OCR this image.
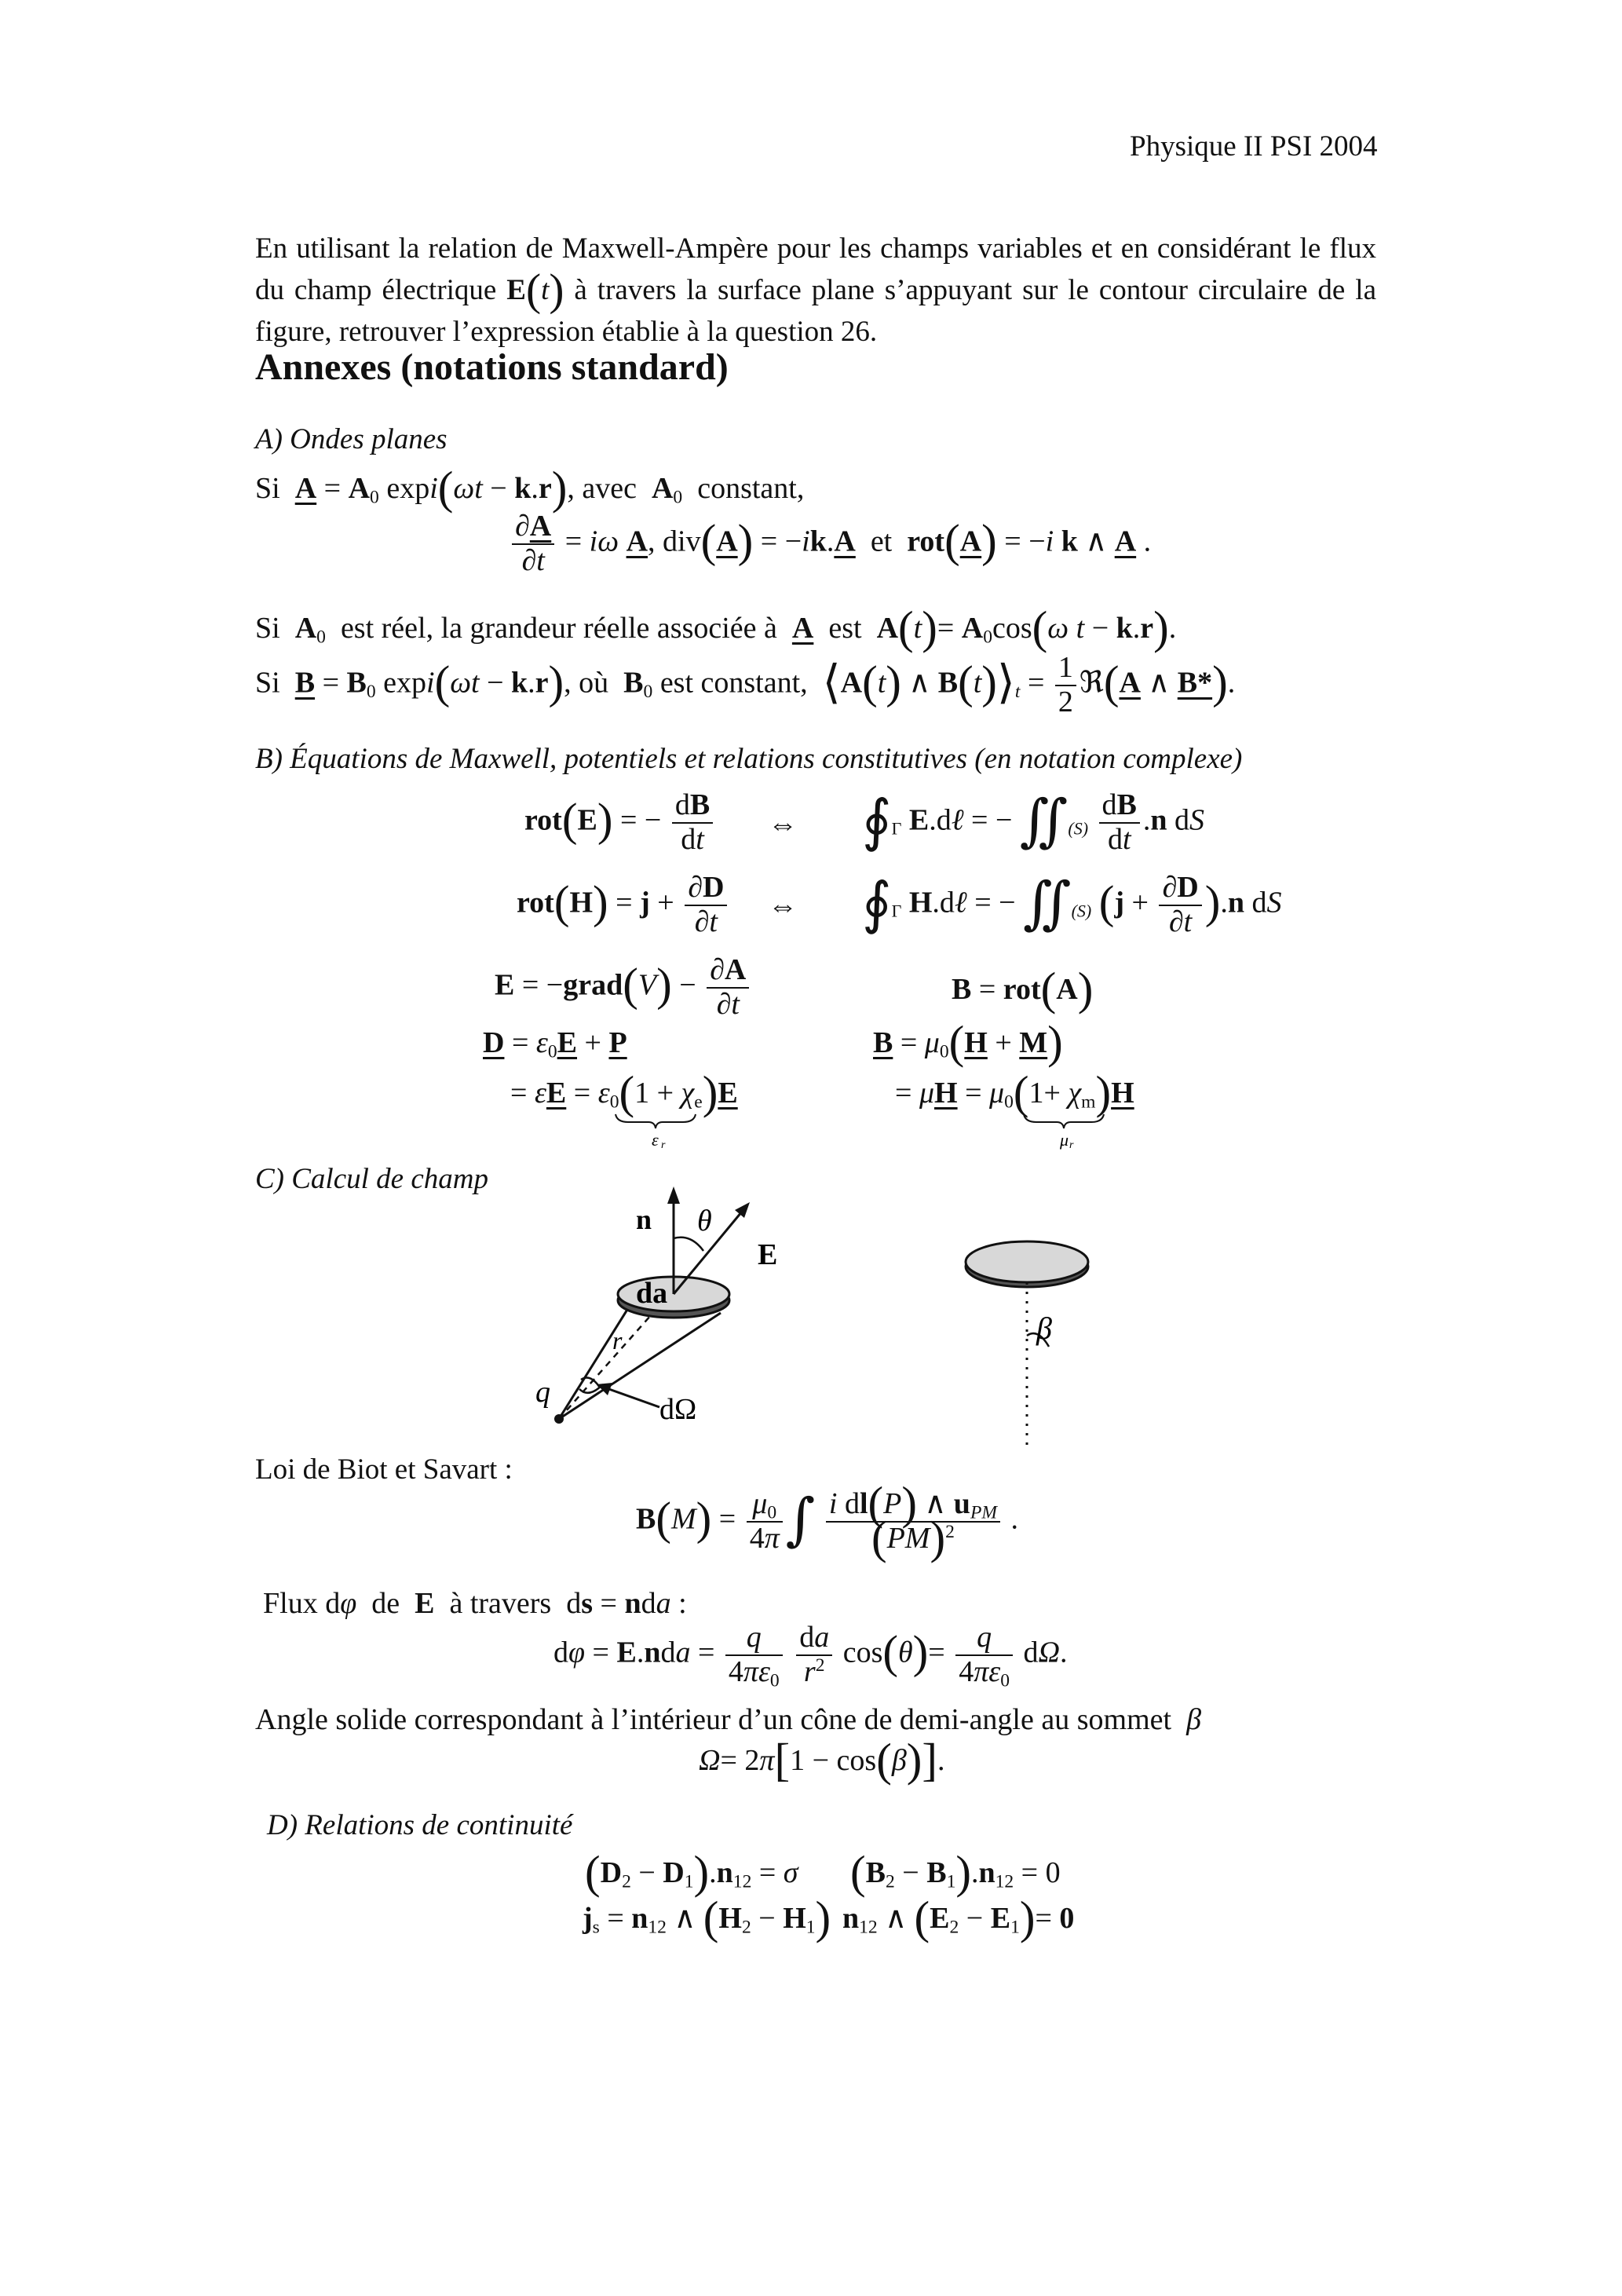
Physique II PSI 2004
En utilisant la relation de Maxwell-Ampère pour les champs variables et en considérant le flux du champ électrique E(t) à travers la surface plane s’appuyant sur le contour circulaire de la figure, retrouver l’expression établie à la question 26.
Annexes (notations standard)
A) Ondes planes
Si $A = A_0$ expi(ωt − k.r), avec $A_0$ constant,
$\frac{\partial A}{\partial t} = i\omega$ A, div(A) = −ik.A et rot(A) = −i k ∧ A .
Si $A_0$ est réel, la grandeur réelle associée à A est $A(t)= A_0\cos(\omega$ t − k.r).
Si $B = B_0$ expi(ωt − k.r), où $B_0$ est constant, ⟨A(t) ∧ $B(t)⟩_t = \frac{1}{2}$ ℜ(A ∧ B*).
B) Équations de Maxwell, potentiels et relations constitutives (en notation complexe)
rot(E) = − $\frac{dB}{dt}$ ⇔ $∮_\Gamma$ E.dℓ = − $∬_{(S)} \frac{dB}{dt} .n$ dS
$rot(H) = j + \frac{\partial D}{\partial t}$ ⇔ $∮_\Gamma$ H.dℓ = − $∬_{(S)}$ $(j + \frac{\partial D}{\partial t} ).n$ dS
E = −grad(V) − $\frac{\partial A}{\partial t}$	B = rot(A)
$D = \varepsilon_0E + P$	$B = \mu_0(H + M)$
= $\varepsilon E = \varepsilon_0(1 + \chi_e)E$	= $\mu H = \mu_0(1+ \chi_m)H$
ε r	μ r
C) Calcul de champ
n θ
E
da
r
q
dΩ
β
Loi de Biot et Savart :
$B(M) = \frac{\mu_0}{4\pi}$ ∫ $\frac{i dl(P) \wedge u_{PM}}{(PM)^2}$ .
Flux dφ de E à travers  ds = nda :
$d\varphi = E.nda = \frac{q}{4\pi\varepsilon_0}$
$\frac{da}{r^2} \cos(\theta)= \frac{q}{4\pi\varepsilon_0} d\Omega$.
Angle solide correspondant à l’intérieur d’un cône de demi-angle au sommet β
Ω= 2π[1 − cos(β)].
D) Relations de continuité
$(D_2 - D_1).n_{12} = \sigma$ $(B_2 - B_1).n_{12} = 0$
$j_s = n_{12}$ ∧ $(H_2 - H_1)$ $n_{12}$ ∧ $(E_2 - E_1)= 0$
